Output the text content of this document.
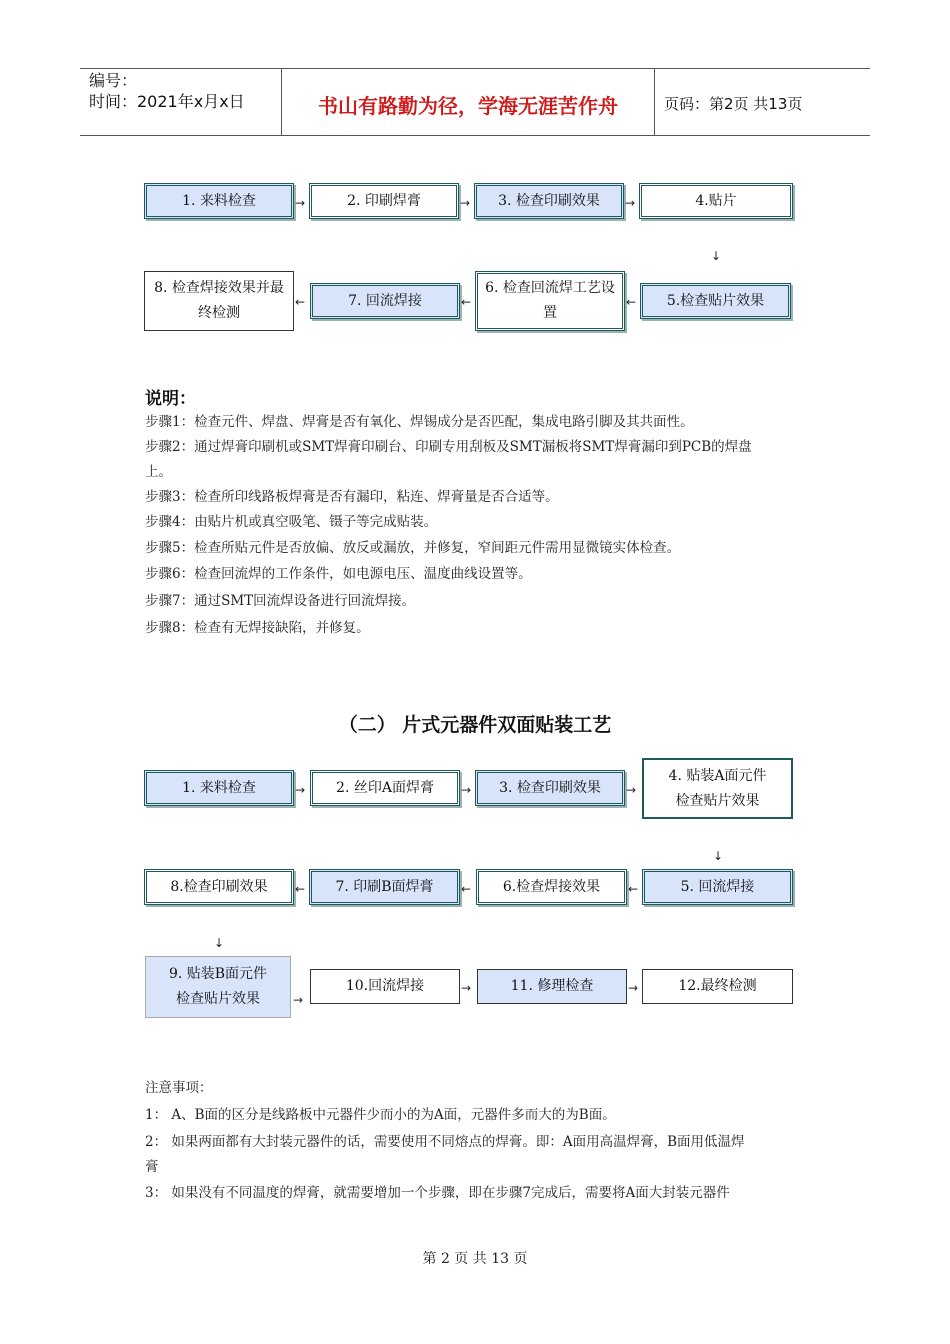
编号：
时间：2021年x月x日	书山有路勤为径，学海无涯苦作舟	页码：第2页 共13页
1. 来料检查	→	2. 印刷焊膏	→	3. 检查印刷效果	→	4.贴片
↓
8. 检查焊接效果并最终检测
←	7. 回流焊接	←
6. 检查回流焊工艺设置
←	5.检查贴片效果
说明：
步骤1：检查元件、焊盘、焊膏是否有氧化、焊锡成分是否匹配，集成电路引脚及其共面性。
步骤2：通过焊膏印刷机或SMT焊膏印刷台、印刷专用刮板及SMT漏板将SMT焊膏漏印到PCB的焊盘
上。
步骤3：检查所印线路板焊膏是否有漏印，粘连、焊膏量是否合适等。
步骤4：由贴片机或真空吸笔、镊子等完成贴装。
步骤5：检查所贴元件是否放偏、放反或漏放，并修复，窄间距元件需用显微镜实体检查。
步骤6：检查回流焊的工作条件，如电源电压、温度曲线设置等。
步骤7：通过SMT回流焊设备进行回流焊接。
步骤8：检查有无焊接缺陷，并修复。
（二） 片式元器件双面贴装工艺
1. 来料检查	→	2. 丝印A面焊膏	→	3. 检查印刷效果	→
4. 贴装A面元件
检查贴片效果
↓
8.检查印刷效果	←	7. 印刷B面焊膏	←	6.检查焊接效果	←	5. 回流焊接
↓
9. 贴装B面元件
检查贴片效果	→
10.回流焊接	→	11. 修理检查	→	12.最终检测
注意事项：
1： A、B面的区分是线路板中元器件少而小的为A面，元器件多而大的为B面。
2： 如果两面都有大封装元器件的话，需要使用不同熔点的焊膏。即：A面用高温焊膏，B面用低温焊
膏
3： 如果没有不同温度的焊膏，就需要增加一个步骤，即在步骤7完成后，需要将A面大封装元器件
第 2 页 共 13 页
